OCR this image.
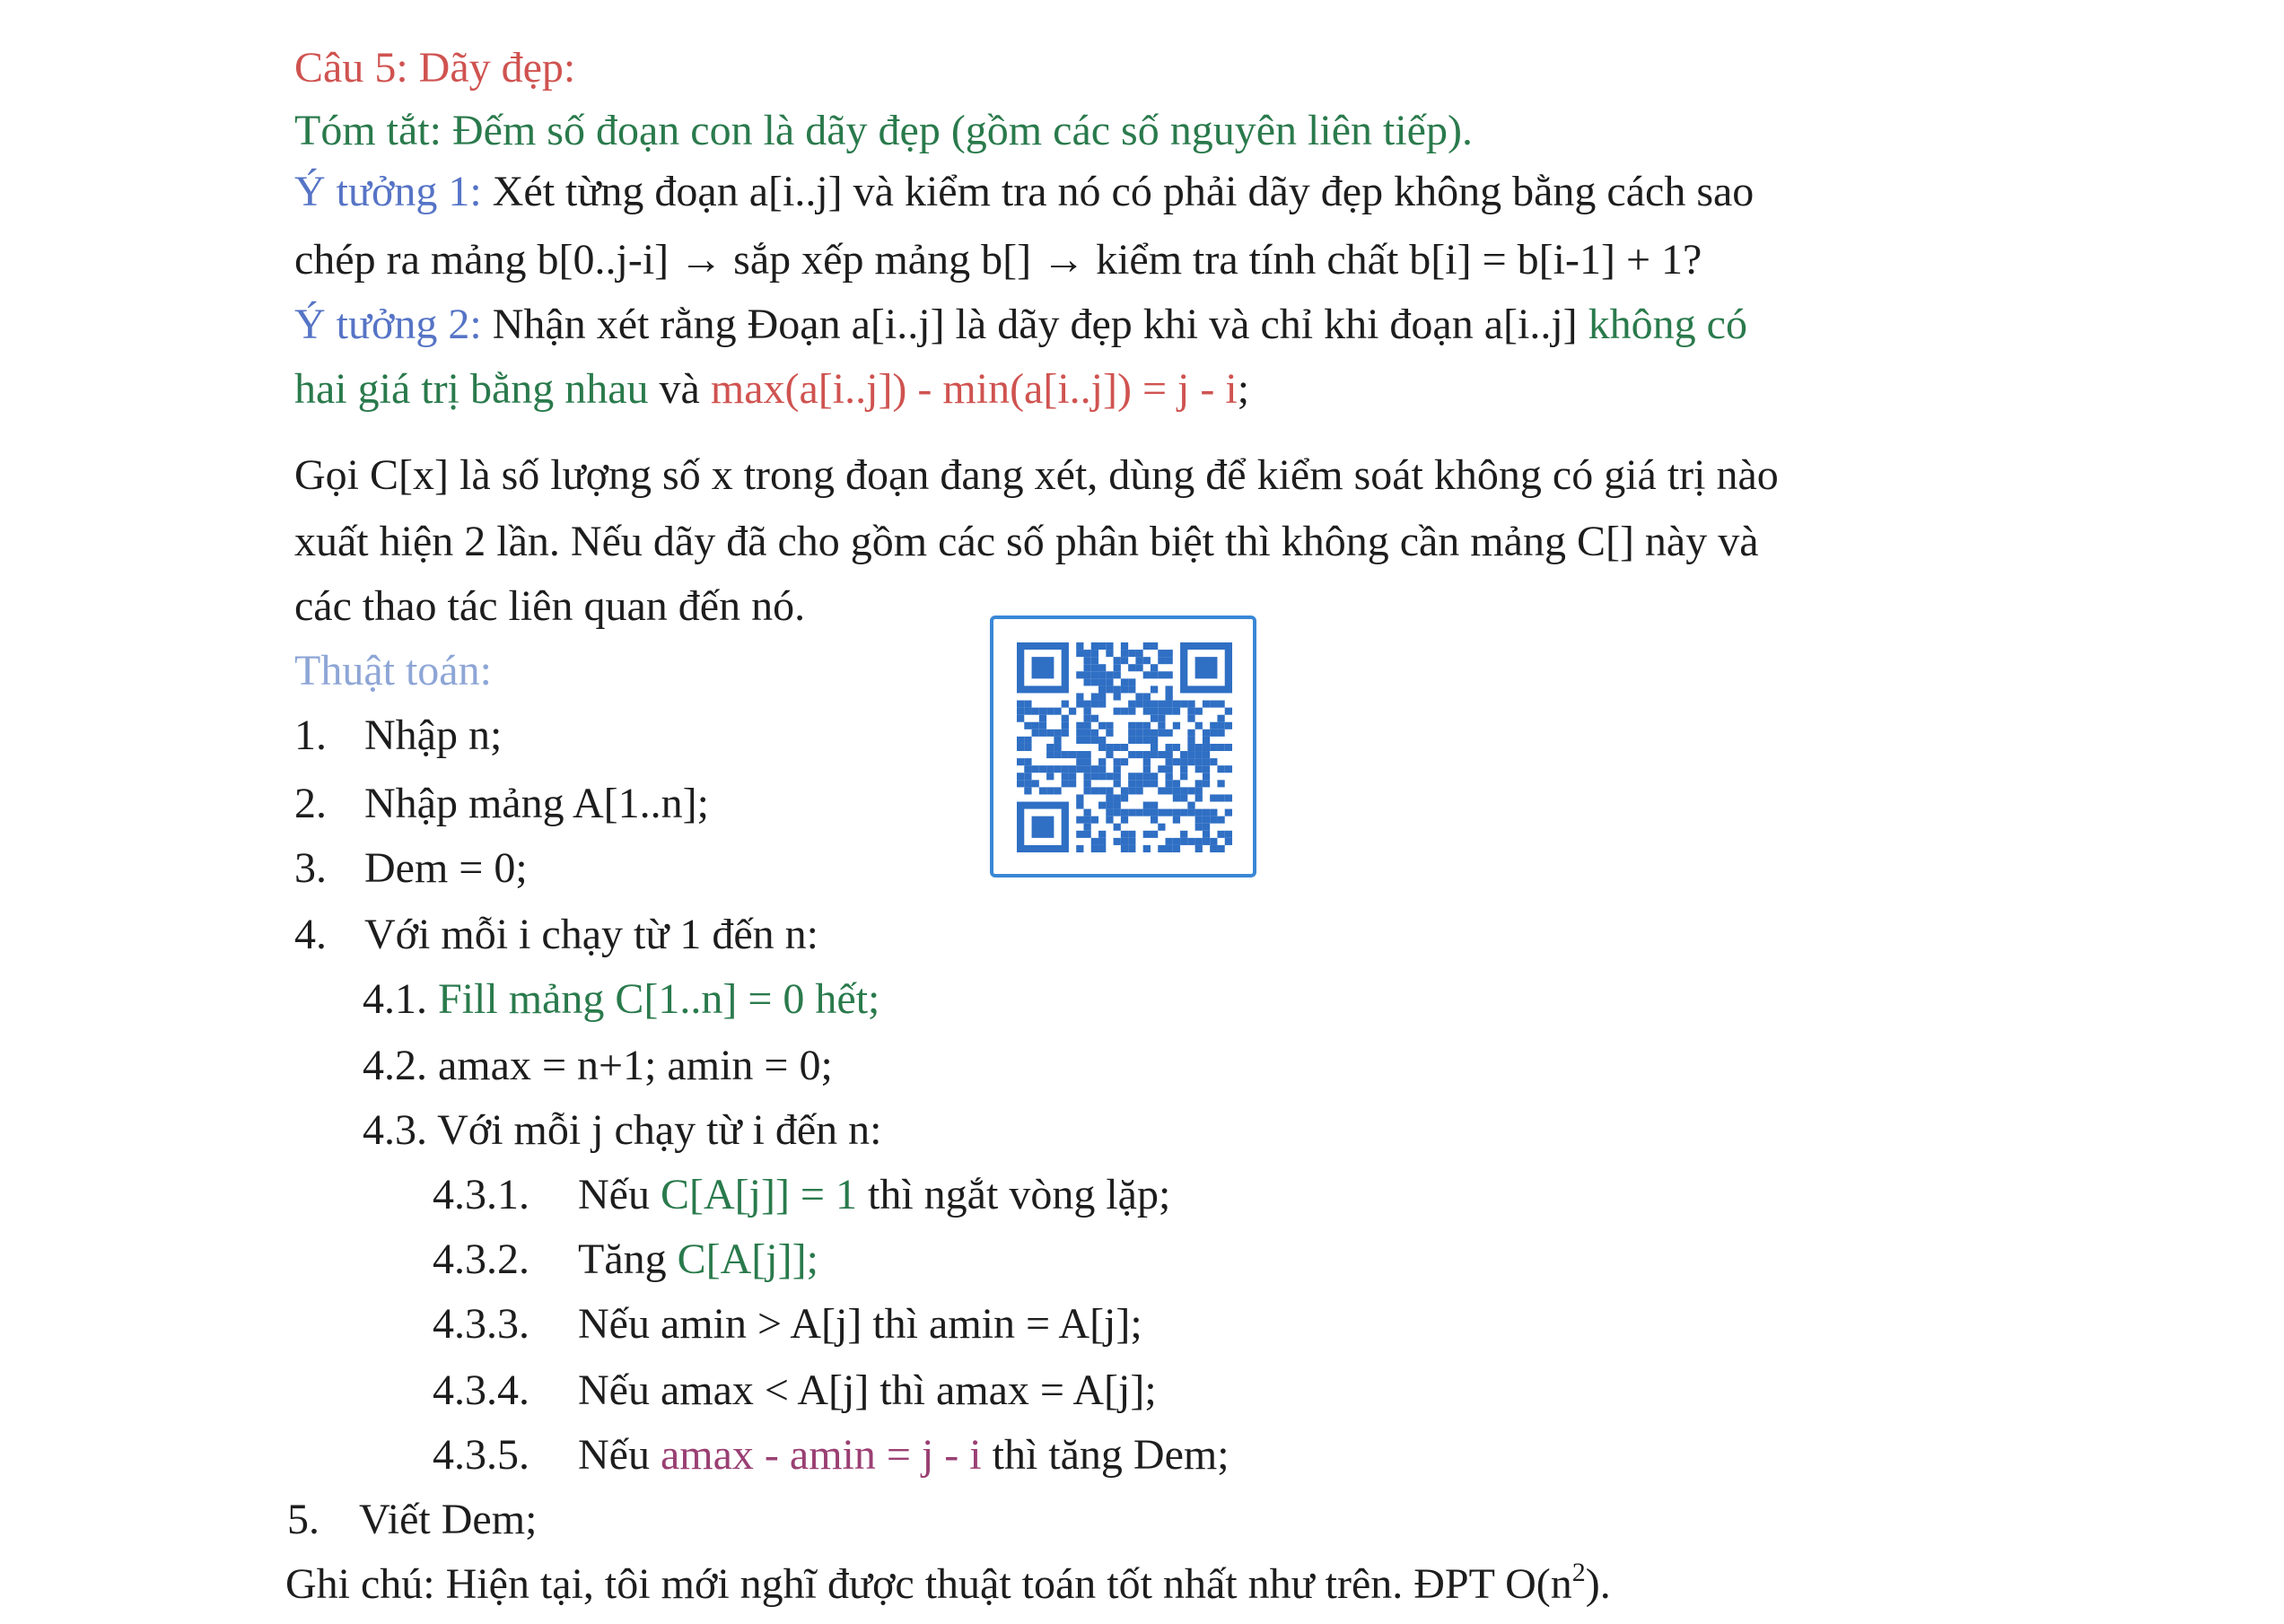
Câu 5: Dãy đẹp:
Tóm tắt: Đếm số đoạn con là dãy đẹp (gồm các số nguyên liên tiếp).
Ý tưởng 1: Xét từng đoạn a[i..j] và kiểm tra nó có phải dãy đẹp không bằng cách sao
chép ra mảng b[0..j-i] → sắp xếp mảng b[] → kiểm tra tính chất b[i] = b[i-1] + 1?
Ý tưởng 2: Nhận xét rằng Đoạn a[i..j] là dãy đẹp khi và chỉ khi đoạn a[i..j] không có
hai giá trị bằng nhau và max(a[i..j]) - min(a[i..j]) = j - i;
Gọi C[x] là số lượng số x trong đoạn đang xét, dùng để kiểm soát không có giá trị nào
xuất hiện 2 lần. Nếu dãy đã cho gồm các số phân biệt thì không cần mảng C[] này và
các thao tác liên quan đến nó.
Thuật toán:
1. Nhập n;
2. Nhập mảng A[1..n];
3. Dem = 0;
4. Với mỗi i chạy từ 1 đến n:
4.1. Fill mảng C[1..n] = 0 hết;
4.2. amax = n+1; amin = 0;
4.3. Với mỗi j chạy từ i đến n:
4.3.1. Nếu C[A[j]] = 1 thì ngắt vòng lặp;
4.3.2. Tăng C[A[j]];
4.3.3. Nếu amin > A[j] thì amin = A[j];
4.3.4. Nếu amax < A[j] thì amax = A[j];
4.3.5. Nếu amax - amin = j - i thì tăng Dem;
5. Viết Dem;
Ghi chú: Hiện tại, tôi mới nghĩ được thuật toán tốt nhất như trên. ĐPT $O(n^2)$.
